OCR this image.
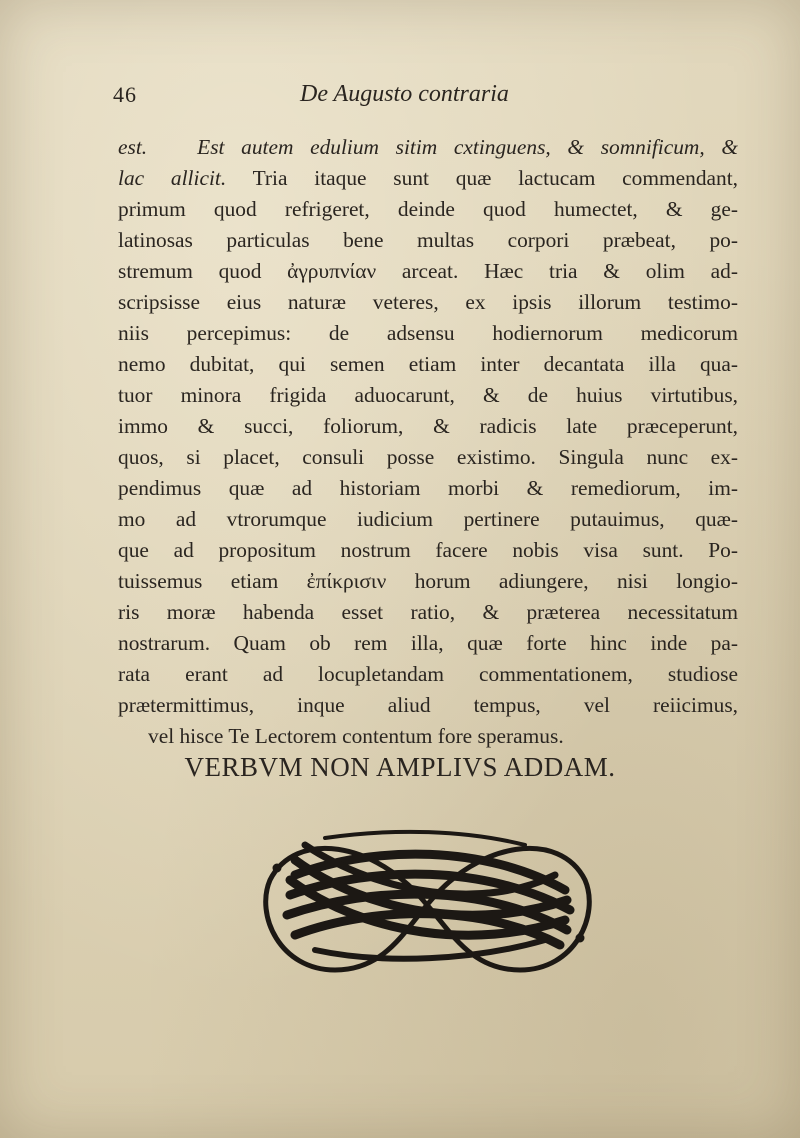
46	De Augusto contraria
est. Est autem edulium sitim cxtinguens, & somnificum, &
lac allicit. Tria itaque sunt quæ lactucam commendant,
primum quod refrigeret, deinde quod humectet, & ge-
latinosas particulas bene multas corpori præbeat, po-
stremum quod ἀγρυπνίαν arceat. Hæc tria & olim ad-
scripsisse eius naturæ veteres, ex ipsis illorum testimo-
niis percepimus: de adsensu hodiernorum medicorum
nemo dubitat, qui semen etiam inter decantata illa qua-
tuor minora frigida aduocarunt, & de huius virtutibus,
immo & succi, foliorum, & radicis late præceperunt,
quos, si placet, consuli posse existimo. Singula nunc ex-
pendimus quæ ad historiam morbi & remediorum, im-
mo ad vtrorumque iudicium pertinere putauimus, quæ-
que ad propositum nostrum facere nobis visa sunt. Po-
tuissemus etiam ἐπίκρισιν horum adiungere, nisi longio-
ris moræ habenda esset ratio, & præterea necessitatum
nostrarum. Quam ob rem illa, quæ forte hinc inde pa-
rata erant ad locupletandam commentationem, studiose
prætermittimus, inque aliud tempus, vel reiicimus,
vel hisce Te Lectorem contentum fore speramus.
VERBVM NON AMPLIVS ADDAM.
